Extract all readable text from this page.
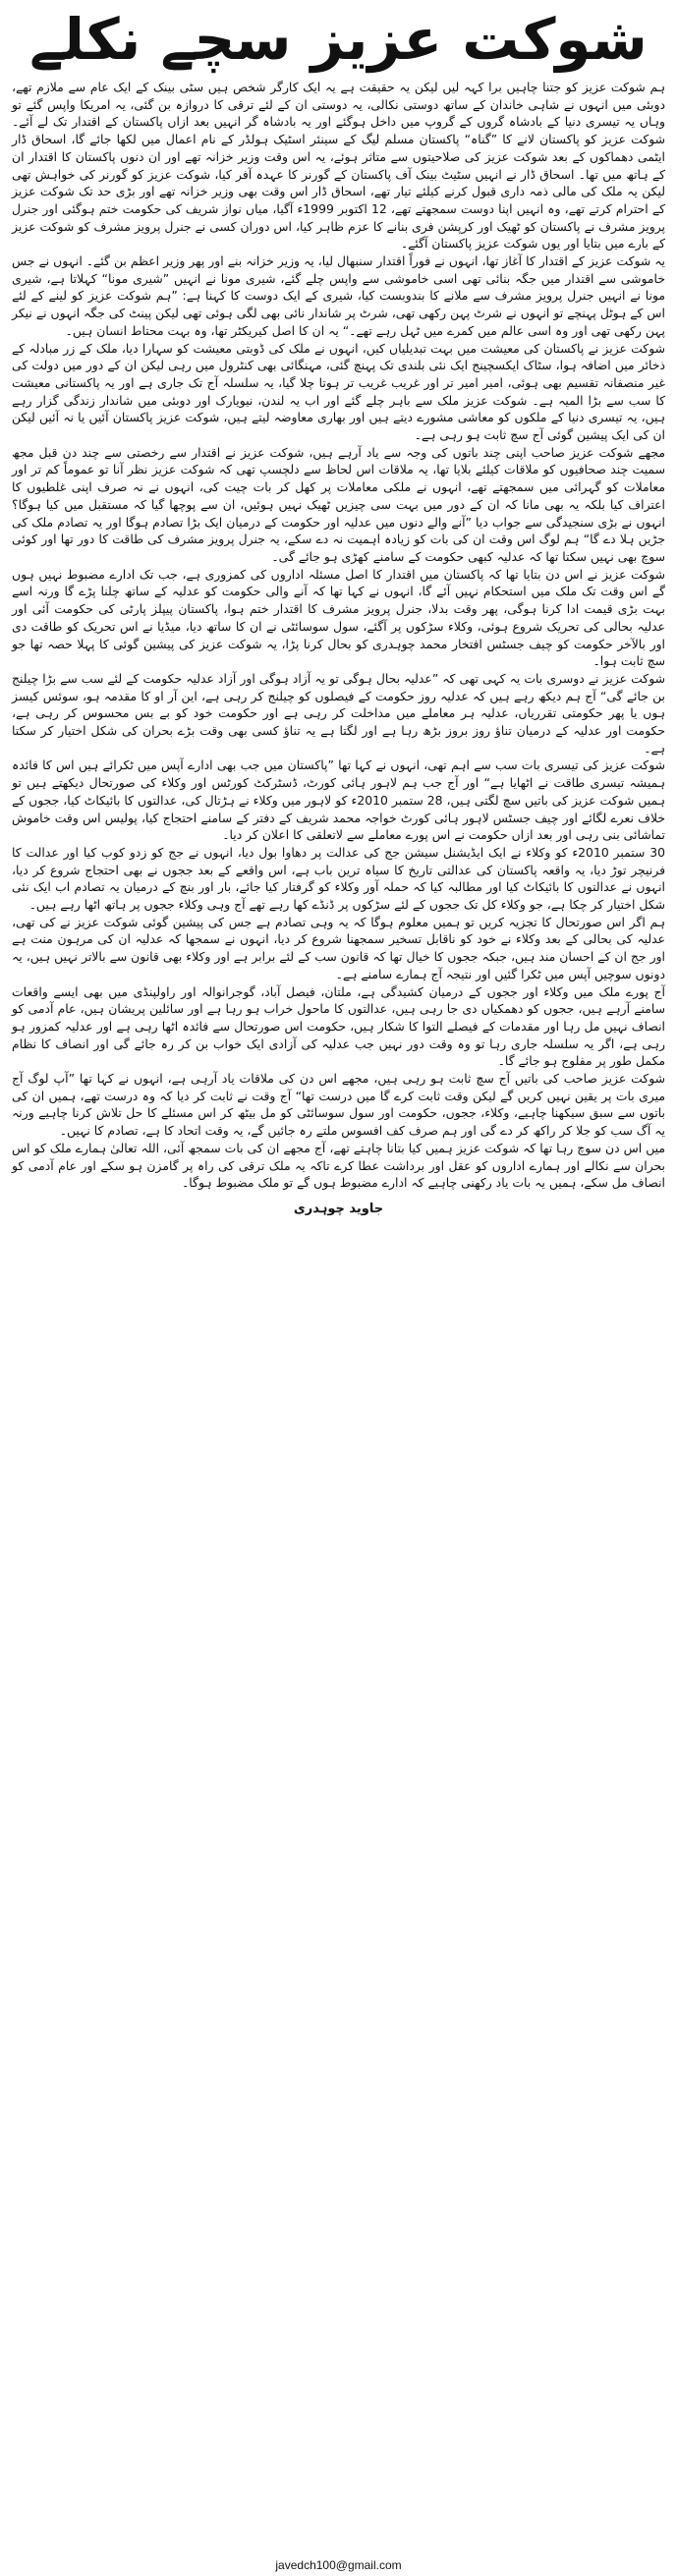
شوکت عزیز سچے نکلے

ہم شوکت عزیز کو جتنا چاہیں برا کہہ لیں لیکن یہ حقیقت ہے یہ ایک کارگر شخص ہیں سٹی بینک کے ایک عام سے ملازم تھے، دوبئی میں انہوں نے شاہی خاندان کے ساتھ دوستی نکالی، یہ دوستی ان کے لئے ترقی کا دروازہ بن گئی، یہ امریکا واپس گئے تو وہاں یہ تیسری دنیا کے بادشاہ گروں کے گروپ میں داخل ہوگئے اور یہ بادشاہ گر انہیں بعد ازاں پاکستان کے اقتدار تک لے آئے۔ شوکت عزیز کو پاکستان لانے کا ”گناہ“ پاکستان مسلم لیگ کے سینئر اسٹیک ہولڈر کے نام اعمال میں لکھا جائے گا، اسحاق ڈار ایٹمی دھماکوں کے بعد شوکت عزیز کی صلاحیتوں سے متاثر ہوئے، یہ اس وقت وزیر خزانہ تھے اور ان دنوں پاکستان کا اقتدار ان کے ہاتھ میں تھا۔ اسحاق ڈار نے انہیں سٹیٹ بینک آف پاکستان کے گورنر کا عہدہ آفر کیا، شوکت عزیز کو گورنر کی خواہش تھی لیکن یہ ملک کی مالی ذمہ داری قبول کرنے کیلئے تیار تھے، اسحاق ڈار اس وقت بھی وزیر خزانہ تھے اور بڑی حد تک شوکت عزیز کے احترام کرتے تھے، وہ انہیں اپنا دوست سمجھتے تھے، 12 اکتوبر 1999ء آگیا، میاں نواز شریف کی حکومت ختم ہوگئی اور جنرل پرویز مشرف نے پاکستان کو ٹھیک اور کرپشن فری بنانے کا عزم ظاہر کیا، اس دوران کسی نے جنرل پرویز مشرف کو شوکت عزیز کے بارے میں بتایا اور یوں شوکت عزیز پاکستان آگئے۔

یہ شوکت عزیز کے اقتدار کا آغاز تھا، انہوں نے فوراً اقتدار سنبھال لیا، یہ وزیر خزانہ بنے اور پھر وزیر اعظم بن گئے۔ انہوں نے جس خاموشی سے اقتدار میں جگہ بنائی تھی اسی خاموشی سے واپس چلے گئے، شیری مونا نے انہیں ”شیری مونا“ کہلاتا ہے، شیری مونا نے انہیں جنرل پرویز مشرف سے ملانے کا بندوبست کیا، شیری کے ایک دوست کا کہنا ہے: ”ہم شوکت عزیز کو لینے کے لئے اس کے ہوٹل پہنچے تو انہوں نے شرٹ پہن رکھی تھی، شرٹ پر شاندار نائی بھی لگی ہوئی تھی لیکن پینٹ کی جگہ انہوں نے نیکر پہن رکھی تھی اور وہ اسی عالم میں کمرے میں ٹہل رہے تھے۔“ یہ ان کا اصل کیریکٹر تھا، وہ بہت محتاط انسان ہیں۔

شوکت عزیز نے پاکستان کی معیشت میں بہت تبدیلیاں کیں، انہوں نے ملک کی ڈوبتی معیشت کو سہارا دیا، ملک کے زر مبادلہ کے ذخائر میں اضافہ ہوا، سٹاک ایکسچینج ایک نئی بلندی تک پہنچ گئی، مہنگائی بھی کنٹرول میں رہی لیکن ان کے دور میں دولت کی غیر منصفانہ تقسیم بھی ہوئی، امیر امیر تر اور غریب غریب تر ہوتا چلا گیا، یہ سلسلہ آج تک جاری ہے اور یہ پاکستانی معیشت کا سب سے بڑا المیہ ہے۔ شوکت عزیز ملک سے باہر چلے گئے اور اب یہ لندن، نیویارک اور دوبئی میں شاندار زندگی گزار رہے ہیں، یہ تیسری دنیا کے ملکوں کو معاشی مشورے دیتے ہیں اور بھاری معاوضہ لیتے ہیں، شوکت عزیز پاکستان آئیں یا نہ آئیں لیکن ان کی ایک پیشین گوئی آج سچ ثابت ہو رہی ہے۔

مجھے شوکت عزیز صاحب اپنی چند باتوں کی وجہ سے یاد آرہے ہیں، شوکت عزیز نے اقتدار سے رخصتی سے چند دن قبل مجھ سمیت چند صحافیوں کو ملاقات کیلئے بلایا تھا، یہ ملاقات اس لحاظ سے دلچسپ تھی کہ شوکت عزیز نظر آنا تو عموماً کم تر اور معاملات کو گہرائی میں سمجھتے تھے، انہوں نے ملکی معاملات پر کھل کر بات چیت کی، انہوں نے نہ صرف اپنی غلطیوں کا اعتراف کیا بلکہ یہ بھی مانا کہ ان کے دور میں بہت سی چیزیں ٹھیک نہیں ہوئیں، ان سے پوچھا گیا کہ مستقبل میں کیا ہوگا؟ انہوں نے بڑی سنجیدگی سے جواب دیا ”آنے والے دنوں میں عدلیہ اور حکومت کے درمیان ایک بڑا تصادم ہوگا اور یہ تصادم ملک کی جڑیں ہلا دے گا“ ہم لوگ اس وقت ان کی بات کو زیادہ اہمیت نہ دے سکے، یہ جنرل پرویز مشرف کی طاقت کا دور تھا اور کوئی سوچ بھی نہیں سکتا تھا کہ عدلیہ کبھی حکومت کے سامنے کھڑی ہو جائے گی۔

شوکت عزیز نے اس دن بتایا تھا کہ پاکستان میں اقتدار کا اصل مسئلہ اداروں کی کمزوری ہے، جب تک ادارے مضبوط نہیں ہوں گے اس وقت تک ملک میں استحکام نہیں آئے گا، انہوں نے کہا تھا کہ آنے والی حکومت کو عدلیہ کے ساتھ چلنا پڑے گا ورنہ اسے بہت بڑی قیمت ادا کرنا ہوگی، پھر وقت بدلا، جنرل پرویز مشرف کا اقتدار ختم ہوا، پاکستان پیپلز پارٹی کی حکومت آئی اور عدلیہ بحالی کی تحریک شروع ہوئی، وکلاء سڑکوں پر آگئے، سول سوسائٹی نے ان کا ساتھ دیا، میڈیا نے اس تحریک کو طاقت دی اور بالآخر حکومت کو چیف جسٹس افتخار محمد چوہدری کو بحال کرنا پڑا، یہ شوکت عزیز کی پیشین گوئی کا پہلا حصہ تھا جو سچ ثابت ہوا۔

شوکت عزیز نے دوسری بات یہ کہی تھی کہ ”عدلیہ بحال ہوگی تو یہ آزاد ہوگی اور آزاد عدلیہ حکومت کے لئے سب سے بڑا چیلنج بن جائے گی“ آج ہم دیکھ رہے ہیں کہ عدلیہ روز حکومت کے فیصلوں کو چیلنج کر رہی ہے، این آر او کا مقدمہ ہو، سوئس کیسز ہوں یا پھر حکومتی تقرریاں، عدلیہ ہر معاملے میں مداخلت کر رہی ہے اور حکومت خود کو بے بس محسوس کر رہی ہے، حکومت اور عدلیہ کے درمیان تناؤ روز بروز بڑھ رہا ہے اور لگتا ہے یہ تناؤ کسی بھی وقت بڑے بحران کی شکل اختیار کر سکتا ہے۔

شوکت عزیز کی تیسری بات سب سے اہم تھی، انہوں نے کہا تھا ”پاکستان میں جب بھی ادارے آپس میں ٹکرائے ہیں اس کا فائدہ ہمیشہ تیسری طاقت نے اٹھایا ہے“ اور آج جب ہم لاہور ہائی کورٹ، ڈسٹرکٹ کورٹس اور وکلاء کی صورتحال دیکھتے ہیں تو ہمیں شوکت عزیز کی باتیں سچ لگتی ہیں، 28 ستمبر 2010ء کو لاہور میں وکلاء نے ہڑتال کی، عدالتوں کا بائیکاٹ کیا، ججوں کے خلاف نعرے لگائے اور چیف جسٹس لاہور ہائی کورٹ خواجہ محمد شریف کے دفتر کے سامنے احتجاج کیا، پولیس اس وقت خاموش تماشائی بنی رہی اور بعد ازاں حکومت نے اس پورے معاملے سے لاتعلقی کا اعلان کر دیا۔

30 ستمبر 2010ء کو وکلاء نے ایک ایڈیشنل سیشن جج کی عدالت پر دھاوا بول دیا، انہوں نے جج کو زدو کوب کیا اور عدالت کا فرنیچر توڑ دیا، یہ واقعہ پاکستان کی عدالتی تاریخ کا سیاہ ترین باب ہے، اس واقعے کے بعد ججوں نے بھی احتجاج شروع کر دیا، انہوں نے عدالتوں کا بائیکاٹ کیا اور مطالبہ کیا کہ حملہ آور وکلاء کو گرفتار کیا جائے، بار اور بنچ کے درمیان یہ تصادم اب ایک نئی شکل اختیار کر چکا ہے، جو وکلاء کل تک ججوں کے لئے سڑکوں پر ڈنڈے کھا رہے تھے آج وہی وکلاء ججوں پر ہاتھ اٹھا رہے ہیں۔

ہم اگر اس صورتحال کا تجزیہ کریں تو ہمیں معلوم ہوگا کہ یہ وہی تصادم ہے جس کی پیشین گوئی شوکت عزیز نے کی تھی، عدلیہ کی بحالی کے بعد وکلاء نے خود کو ناقابل تسخیر سمجھنا شروع کر دیا، انہوں نے سمجھا کہ عدلیہ ان کی مرہون منت ہے اور جج ان کے احسان مند ہیں، جبکہ ججوں کا خیال تھا کہ قانون سب کے لئے برابر ہے اور وکلاء بھی قانون سے بالاتر نہیں ہیں، یہ دونوں سوچیں آپس میں ٹکرا گئیں اور نتیجہ آج ہمارے سامنے ہے۔

آج پورے ملک میں وکلاء اور ججوں کے درمیان کشیدگی ہے، ملتان، فیصل آباد، گوجرانوالہ اور راولپنڈی میں بھی ایسے واقعات سامنے آرہے ہیں، ججوں کو دھمکیاں دی جا رہی ہیں، عدالتوں کا ماحول خراب ہو رہا ہے اور سائلین پریشان ہیں، عام آدمی کو انصاف نہیں مل رہا اور مقدمات کے فیصلے التوا کا شکار ہیں، حکومت اس صورتحال سے فائدہ اٹھا رہی ہے اور عدلیہ کمزور ہو رہی ہے، اگر یہ سلسلہ جاری رہا تو وہ وقت دور نہیں جب عدلیہ کی آزادی ایک خواب بن کر رہ جائے گی اور انصاف کا نظام مکمل طور پر مفلوج ہو جائے گا۔

شوکت عزیز صاحب کی باتیں آج سچ ثابت ہو رہی ہیں، مجھے اس دن کی ملاقات یاد آرہی ہے، انہوں نے کہا تھا ”آپ لوگ آج میری بات پر یقین نہیں کریں گے لیکن وقت ثابت کرے گا میں درست تھا“ آج وقت نے ثابت کر دیا کہ وہ درست تھے، ہمیں ان کی باتوں سے سبق سیکھنا چاہیے، وکلاء، ججوں، حکومت اور سول سوسائٹی کو مل بیٹھ کر اس مسئلے کا حل تلاش کرنا چاہیے ورنہ یہ آگ سب کو جلا کر راکھ کر دے گی اور ہم صرف کف افسوس ملتے رہ جائیں گے، یہ وقت اتحاد کا ہے، تصادم کا نہیں۔

میں اس دن سوچ رہا تھا کہ شوکت عزیز ہمیں کیا بتانا چاہتے تھے، آج مجھے ان کی بات سمجھ آئی، اللہ تعالیٰ ہمارے ملک کو اس بحران سے نکالے اور ہمارے اداروں کو عقل اور برداشت عطا کرے تاکہ یہ ملک ترقی کی راہ پر گامزن ہو سکے اور عام آدمی کو انصاف مل سکے، ہمیں یہ بات یاد رکھنی چاہیے کہ ادارے مضبوط ہوں گے تو ملک مضبوط ہوگا۔

جاوید چوہدری
javedch100@gmail.com
